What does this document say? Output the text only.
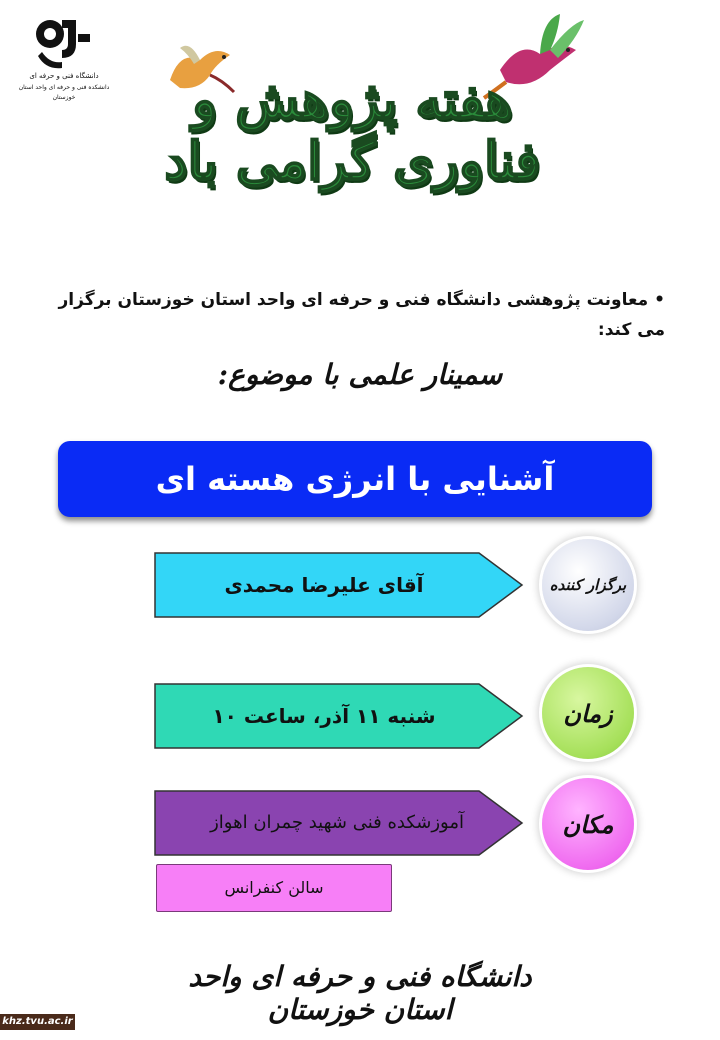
دانشگاه فنی و حرفه ای
دانشکده فنی و حرفه ای واحد استان
خوزستان	هفته پژوهش و فناوری گرامی باد
•معاونت پژوهشی دانشگاه فنی و حرفه ای واحد استان خوزستان برگزار می کند:
سمینار علمی با موضوع:
آشنایی با انرژی هسته ای
آقای علیرضا محمدی	برگزار کننده
شنبه ۱۱ آذر، ساعت ۱۰	زمان
آموزشکده فنی شهید چمران اهواز	مکان
سالن کنفرانس
دانشگاه فنی و حرفه ای واحد استان خوزستان
khz.tvu.ac.ir
